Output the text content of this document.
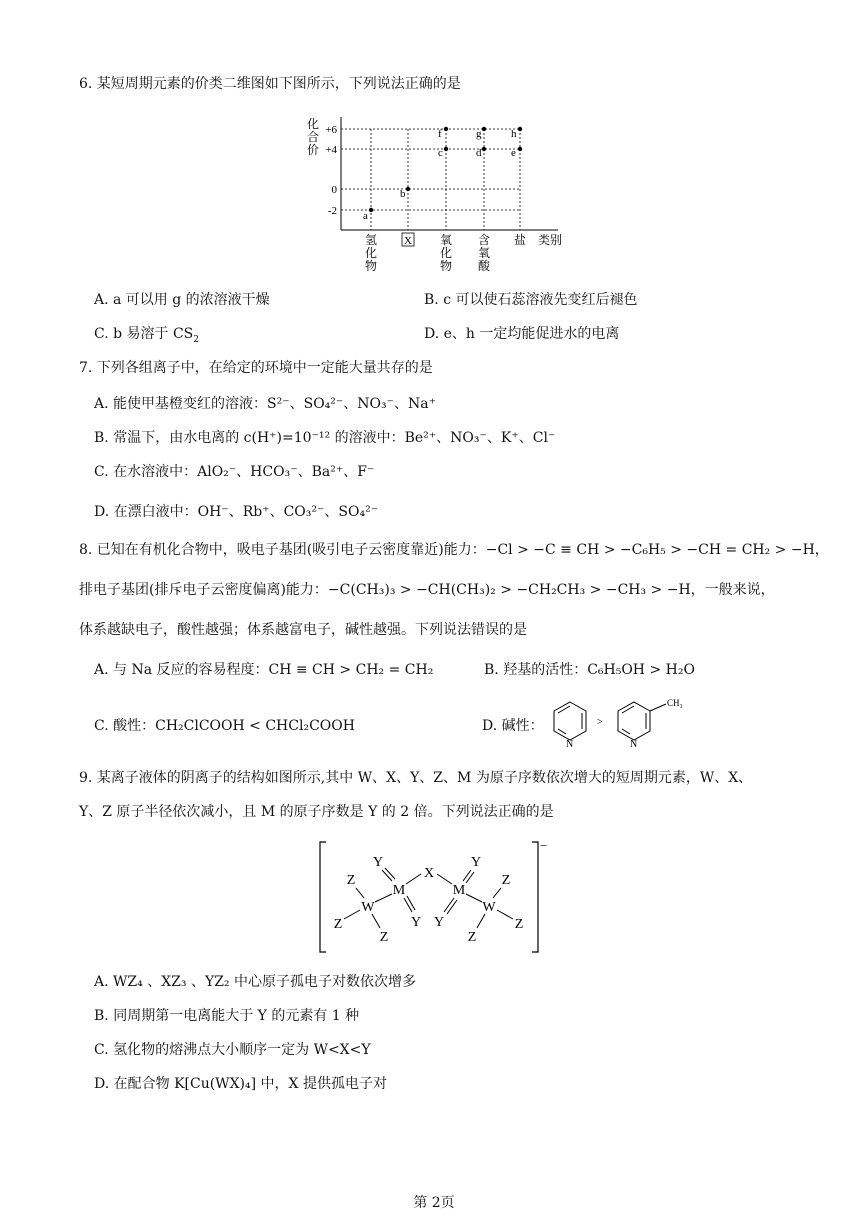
6. 某短周期元素的价类二维图如下图所示，下列说法正确的是
化
合
价
+6
+4
0
-2 a
b
c
f
d
g
e
h
氢
化
物
X 氧
化
物
含
氧
酸
盐 类别
A. a 可以用 g 的浓溶液干燥	B. c 可以使石蕊溶液先变红后褪色
C. b 易溶于 $CS_2$	D. e、h 一定均能促进水的电离
7. 下列各组离子中，在给定的环境中一定能大量共存的是
A. 能使甲基橙变红的溶液：S²⁻、SO₄²⁻、NO₃⁻、Na⁺
B. 常温下，由水电离的 c(H⁺)=10⁻¹² 的溶液中：Be²⁺、NO₃⁻、K⁺、Cl⁻
C. 在水溶液中：AlO₂⁻、HCO₃⁻、Ba²⁺、F⁻
D. 在漂白液中：OH⁻、Rb⁺、CO₃²⁻、SO₄²⁻
8. 已知在有机化合物中，吸电子基团(吸引电子云密度靠近)能力：−Cl > −C ≡ CH > −C₆H₅ > −CH = CH₂ > −H，
排电子基团(排斥电子云密度偏离)能力：−C(CH₃)₃ > −CH(CH₃)₂ > −CH₂CH₃ > −CH₃ > −H，一般来说，
体系越缺电子，酸性越强；体系越富电子，碱性越强。下列说法错误的是
A. 与 Na 反应的容易程度：CH ≡ CH > CH₂ = CH₂	B. 羟基的活性：C₆H₅OH > H₂O
C. 酸性：CH₂ClCOOH < CHCl₂COOH	D. 碱性：
N	N
>
CH₃
9. 某离子液体的阴离子的结构如图所示,其中 W、X、Y、Z、M 为原子序数依次增大的短周期元素，W、X、
Y、Z 原子半径依次减小，且 M 的原子序数是 Y 的 2 倍。下列说法正确的是
−
Y
M
X
M
Y
Z
W
Y Y
W
Z
Z
Z	Z
Z
A. WZ₄ 、XZ₃ 、YZ₂ 中心原子孤电子对数依次增多
B. 同周期第一电离能大于 Y 的元素有 1 种
C. 氢化物的熔沸点大小顺序一定为 W<X<Y
D. 在配合物 K[Cu(WX)₄] 中，X 提供孤电子对
第 2页
